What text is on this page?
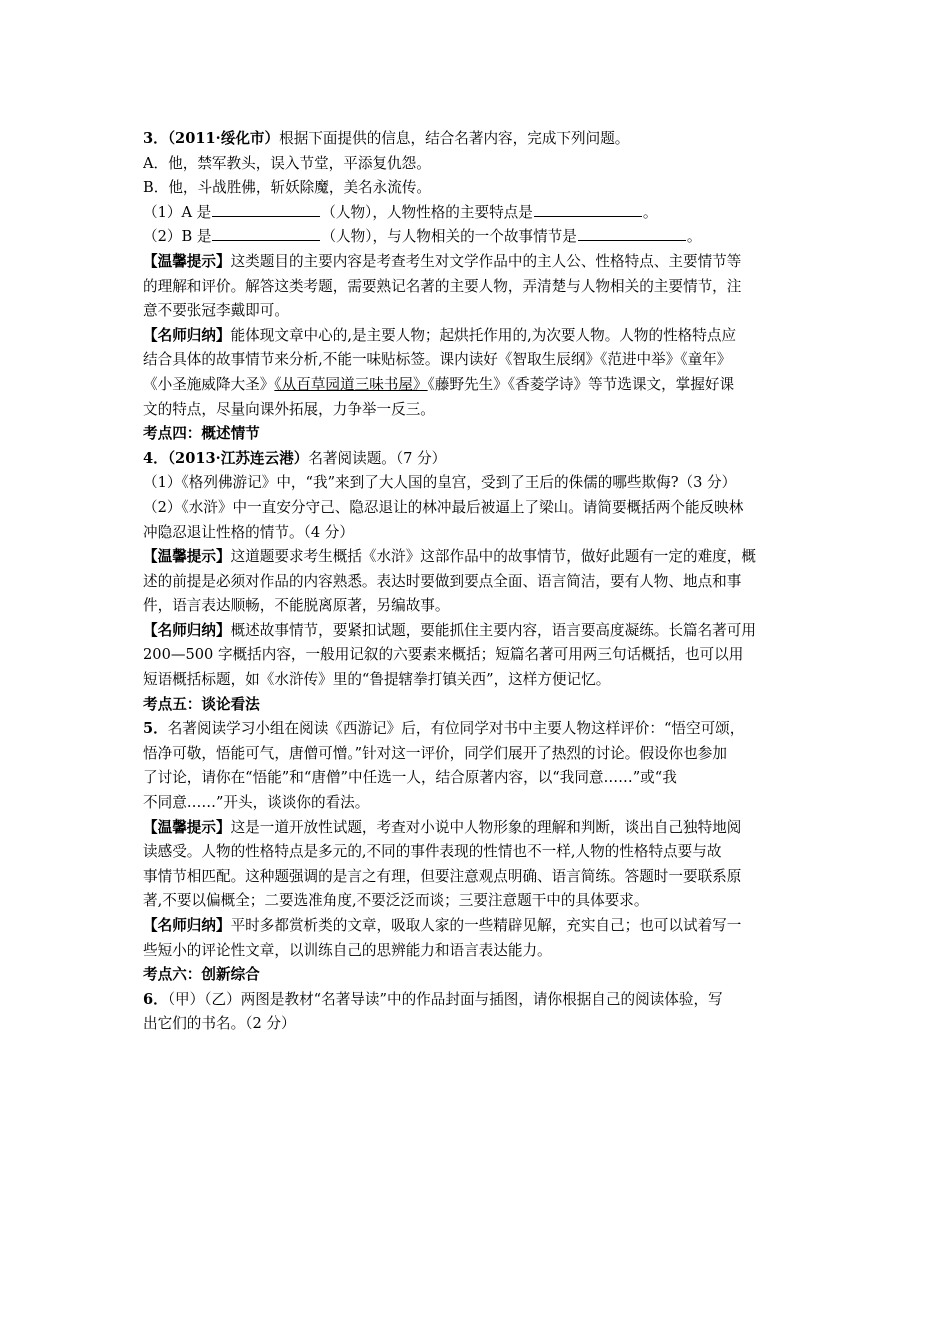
3．（2011·绥化市）根据下面提供的信息，结合名著内容，完成下列问题。
A．他，禁军教头，误入节堂，平添复仇怨。
B．他，斗战胜佛，斩妖除魔，美名永流传。
（1）A 是	（人物），人物性格的主要特点是	。
（2）B 是	（人物），与人物相关的一个故事情节是	。
【温馨提示】这类题目的主要内容是考查考生对文学作品中的主人公、性格特点、主要情节等
的理解和评价。解答这类考题，需要熟记名著的主要人物，弄清楚与人物相关的主要情节，注
意不要张冠李戴即可。
【名师归纳】能体现文章中心的,是主要人物；起烘托作用的,为次要人物。人物的性格特点应
结合具体的故事情节来分析,不能一味贴标签。课内读好《智取生辰纲》《范进中举》《童年》
《小圣施威降大圣》《从百草园道三味书屋》《藤野先生》《香菱学诗》等节选课文，掌握好课
文的特点，尽量向课外拓展，力争举一反三。
考点四：概述情节
4．（2013·江苏连云港）名著阅读题。（7 分）
（1）《格列佛游记》中，“我”来到了大人国的皇宫，受到了王后的侏儒的哪些欺侮?（3 分）
（2）《水浒》中一直安分守己、隐忍退让的林冲最后被逼上了梁山。请简要概括两个能反映林
冲隐忍退让性格的情节。（4 分）
【温馨提示】这道题要求考生概括《水浒》这部作品中的故事情节，做好此题有一定的难度，概
述的前提是必须对作品的内容熟悉。表达时要做到要点全面、语言简洁，要有人物、地点和事
件，语言表达顺畅，不能脱离原著，另编故事。
【名师归纳】概述故事情节，要紧扣试题，要能抓住主要内容，语言要高度凝练。长篇名著可用
200—500 字概括内容，一般用记叙的六要素来概括；短篇名著可用两三句话概括，也可以用
短语概括标题，如《水浒传》里的“鲁提辖拳打镇关西”，这样方便记忆。
考点五：谈论看法
5．名著阅读学习小组在阅读《西游记》后，有位同学对书中主要人物这样评价：“悟空可颂，
悟净可敬，悟能可气，唐僧可憎。”针对这一评价，同学们展开了热烈的讨论。假设你也参加
了讨论，请你在“悟能”和“唐僧”中任选一人，结合原著内容，以“我同意……”或“我
不同意……”开头，谈谈你的看法。
【温馨提示】这是一道开放性试题，考查对小说中人物形象的理解和判断，谈出自己独特地阅
读感受。人物的性格特点是多元的,不同的事件表现的性情也不一样,人物的性格特点要与故
事情节相匹配。这种题强调的是言之有理，但要注意观点明确、语言简练。答题时一要联系原
著,不要以偏概全；二要选准角度,不要泛泛而谈；三要注意题干中的具体要求。
【名师归纳】平时多都赏析类的文章，吸取人家的一些精辟见解，充实自己；也可以试着写一
些短小的评论性文章，以训练自己的思辨能力和语言表达能力。
考点六：创新综合
6．（甲）（乙）两图是教材“名著导读”中的作品封面与插图，请你根据自己的阅读体验，写
出它们的书名。（2 分）
